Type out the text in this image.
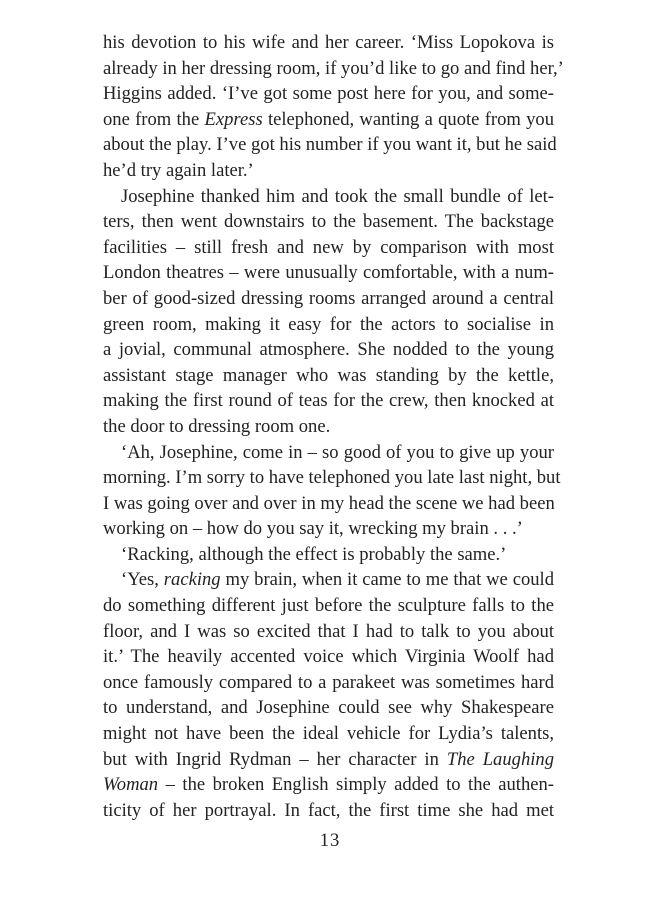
his devotion to his wife and her career. ‘Miss Lopokova is
already in her dressing room, if you’d like to go and find her,’
Higgins added. ‘I’ve got some post here for you, and some-
one from the Express telephoned, wanting a quote from you
about the play. I’ve got his number if you want it, but he said
he’d try again later.’
Josephine thanked him and took the small bundle of let-
ters, then went downstairs to the basement. The backstage
facilities – still fresh and new by comparison with most
London theatres – were unusually comfortable, with a num-
ber of good-sized dressing rooms arranged around a central
green room, making it easy for the actors to socialise in
a jovial, communal atmosphere. She nodded to the young
assistant stage manager who was standing by the kettle,
making the first round of teas for the crew, then knocked at
the door to dressing room one.
‘Ah, Josephine, come in – so good of you to give up your
morning. I’m sorry to have telephoned you late last night, but
I was going over and over in my head the scene we had been
working on – how do you say it, wrecking my brain . . .’
‘Racking, although the effect is probably the same.’
‘Yes, racking my brain, when it came to me that we could
do something different just before the sculpture falls to the
floor, and I was so excited that I had to talk to you about
it.’ The heavily accented voice which Virginia Woolf had
once famously compared to a parakeet was sometimes hard
to understand, and Josephine could see why Shakespeare
might not have been the ideal vehicle for Lydia’s talents,
but with Ingrid Rydman – her character in The Laughing
Woman – the broken English simply added to the authen-
ticity of her portrayal. In fact, the first time she had met
13
